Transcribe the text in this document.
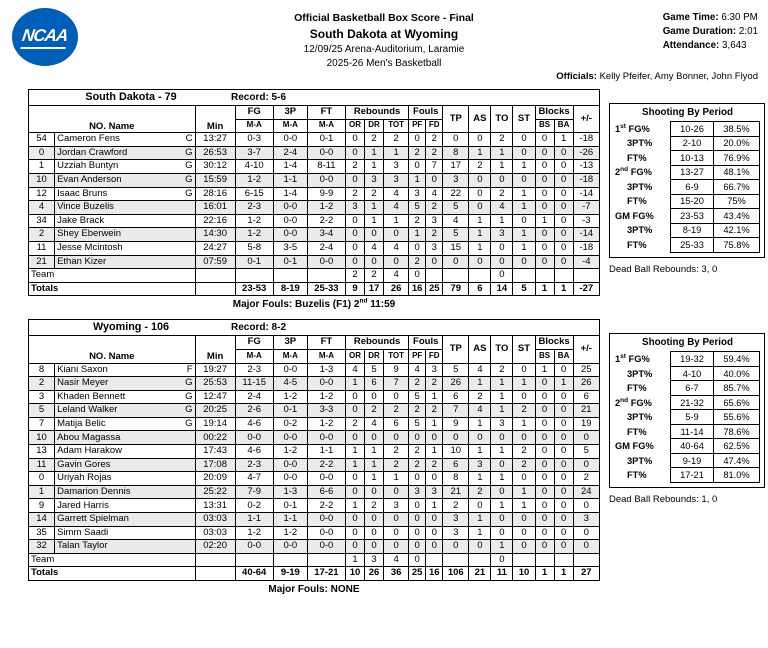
NCAA
Official Basketball Box Score - Final
South Dakota at Wyoming
12/09/25 Arena-Auditorium, Laramie
2025-26 Men's Basketball
Game Time: 6:30 PM
Game Duration: 2:01
Attendance: 3,643
Officials: Kelly Pfeifer, Amy Bonner, John Flyod
South Dakota - 79 Record: 5-6																	

NO. Name		Min	FG	3P	FT	Rebounds			Fouls		TP	AS	TO	ST	Blocks		+/-
			M-A	M-A	M-A	OR	DR	TOT	PF	FD					BS	BA	
54	Cameron Fens C	13:27	0-3	0-0	0-1	0	2	2	0	2	0	0	2	0	0	1	-18
0	Jordan Crawford G	26:53	3-7	2-4	0-0	0	1	1	2	2	8	1	1	0	0	0	-26
1	Uzziah Buntyn G	30:12	4-10	1-4	8-11	2	1	3	0	7	17	2	1	1	0	0	-13
10	Evan Anderson G	15:59	1-2	1-1	0-0	0	3	3	1	0	3	0	0	0	0	0	-18
12	Isaac Bruns G	28:16	6-15	1-4	9-9	2	2	4	3	4	22	0	2	1	0	0	-14
4	Vince Buzelis	16:01	2-3	0-0	1-2	3	1	4	5	2	5	0	4	1	0	0	-7
34	Jake Brack	22:16	1-2	0-0	2-2	0	1	1	2	3	4	1	1	0	1	0	-3
2	Shey Eberwein	14:30	1-2	0-0	3-4	0	0	0	1	2	5	1	3	1	0	0	-14
11	Jesse Mcintosh	24:27	5-8	3-5	2-4	0	4	4	0	3	15	1	0	1	0	0	-18
21	Ethan Kizer	07:59	0-1	0-1	0-0	0	0	0	2	0	0	0	0	0	0	0	-4
Team						2	2	4	0				0				
Totals			23-53	8-19	25-33	9	17	26	16	25	79	6	14	5	1	1	-27
Major Fouls: Buzelis (F1) 2nd 11:59
Shooting By Period
1st FG%	10-26	38.5%
3PT%	2-10	20.0%
FT%	10-13	76.9%
2nd FG%	13-27	48.1%
3PT%	6-9	66.7%
FT%	15-20	75%
GM FG%	23-53	43.4%
3PT%	8-19	42.1%
FT%	25-33	75.8%
Dead Ball Rebounds: 3, 0
Wyoming - 106 Record: 8-2																	

NO. Name		Min	FG	3P	FT	Rebounds			Fouls		TP	AS	TO	ST	Blocks		+/-
			M-A	M-A	M-A	OR	DR	TOT	PF	FD					BS	BA	
8	Kiani Saxon F	19:27	2-3	0-0	1-3	4	5	9	4	3	5	4	2	0	1	0	25
2	Nasir Meyer G	25:53	11-15	4-5	0-0	1	6	7	2	2	26	1	1	1	0	1	26
3	Khaden Bennett G	12:47	2-4	1-2	1-2	0	0	0	5	1	6	2	1	0	0	0	6
5	Leland Walker G	20:25	2-6	0-1	3-3	0	2	2	2	2	7	4	1	2	0	0	21
7	Matija Belic G	19:14	4-6	0-2	1-2	2	4	6	5	1	9	1	3	1	0	0	19
10	Abou Magassa	00:22	0-0	0-0	0-0	0	0	0	0	0	0	0	0	0	0	0	0
13	Adam Harakow	17:43	4-6	1-2	1-1	1	1	2	2	1	10	1	1	2	0	0	5
11	Gavin Gores	17:08	2-3	0-0	2-2	1	1	2	2	2	6	3	0	2	0	0	0
0	Uriyah Rojas	20:09	4-7	0-0	0-0	0	1	1	0	0	8	1	1	0	0	0	2
1	Damarion Dennis	25:22	7-9	1-3	6-6	0	0	0	3	3	21	2	0	1	0	0	24
9	Jared Harris	13:31	0-2	0-1	2-2	1	2	3	0	1	2	0	1	1	0	0	0
14	Garrett Spielman	03:03	1-1	1-1	0-0	0	0	0	0	0	3	1	0	0	0	0	3
35	Simm Saadi	03:03	1-2	1-2	0-0	0	0	0	0	0	3	1	0	0	0	0	0
32	Talan Taylor	02:20	0-0	0-0	0-0	0	0	0	0	0	0	0	1	0	0	0	0
Team						1	3	4	0				0				
Totals			40-64	9-19	17-21	10	26	36	25	16	106	21	11	10	1	1	27
Major Fouls: NONE
Shooting By Period
1st FG%	19-32	59.4%
3PT%	4-10	40.0%
FT%	6-7	85.7%
2nd FG%	21-32	65.6%
3PT%	5-9	55.6%
FT%	11-14	78.6%
GM FG%	40-64	62.5%
3PT%	9-19	47.4%
FT%	17-21	81.0%
Dead Ball Rebounds: 1, 0
